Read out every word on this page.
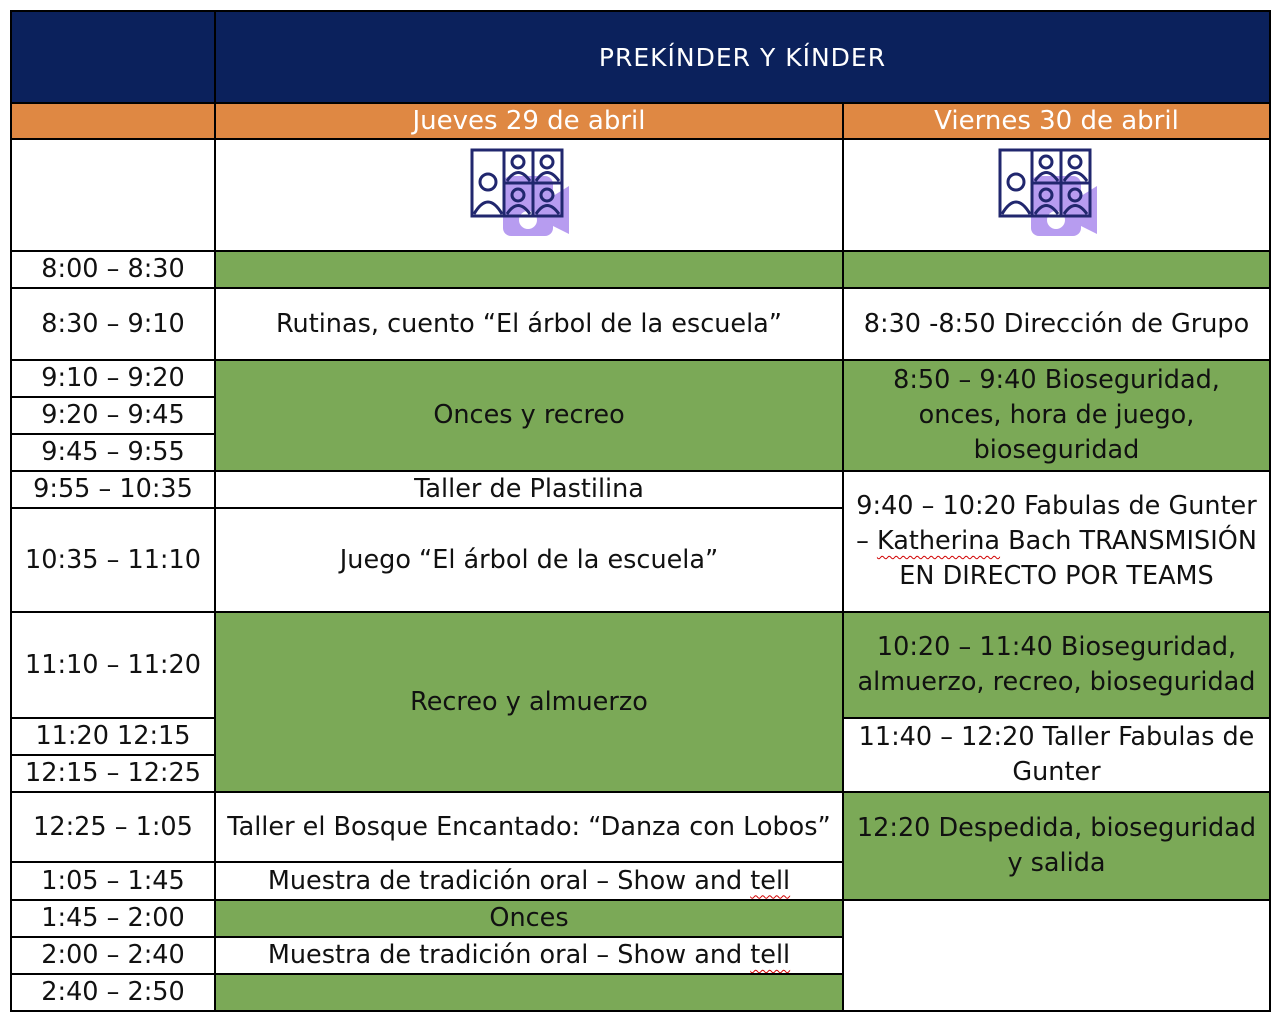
	PREKÍNDER Y KÍNDER	
	Jueves 29 de abril	Viernes 30 de abril

8:00 – 8:30		
8:30 – 9:10	Rutinas, cuento “El árbol de la escuela”	8:30 -8:50 Dirección de Grupo
9:10 – 9:20	Onces y recreo	8:50 – 9:40 Bioseguridad, onces, hora de juego, bioseguridad
9:20 – 9:45		
9:45 – 9:55		
9:55 – 10:35	Taller de Plastilina	9:40 – 10:20 Fabulas de Gunter – Katherina Bach TRANSMISIÓN EN DIRECTO POR TEAMS
10:35 – 11:10	Juego “El árbol de la escuela”	
11:10 – 11:20	Recreo y almuerzo	10:20 – 11:40 Bioseguridad, almuerzo, recreo, bioseguridad
11:20 12:15		11:40 – 12:20 Taller Fabulas de Gunter
12:15 – 12:25		
12:25 – 1:05	Taller el Bosque Encantado: “Danza con Lobos”	12:20 Despedida, bioseguridad y salida
1:05 – 1:45	Muestra de tradición oral – Show and tell	
1:45 – 2:00	Onces	
2:00 – 2:40	Muestra de tradición oral – Show and tell	
2:40 – 2:50		
